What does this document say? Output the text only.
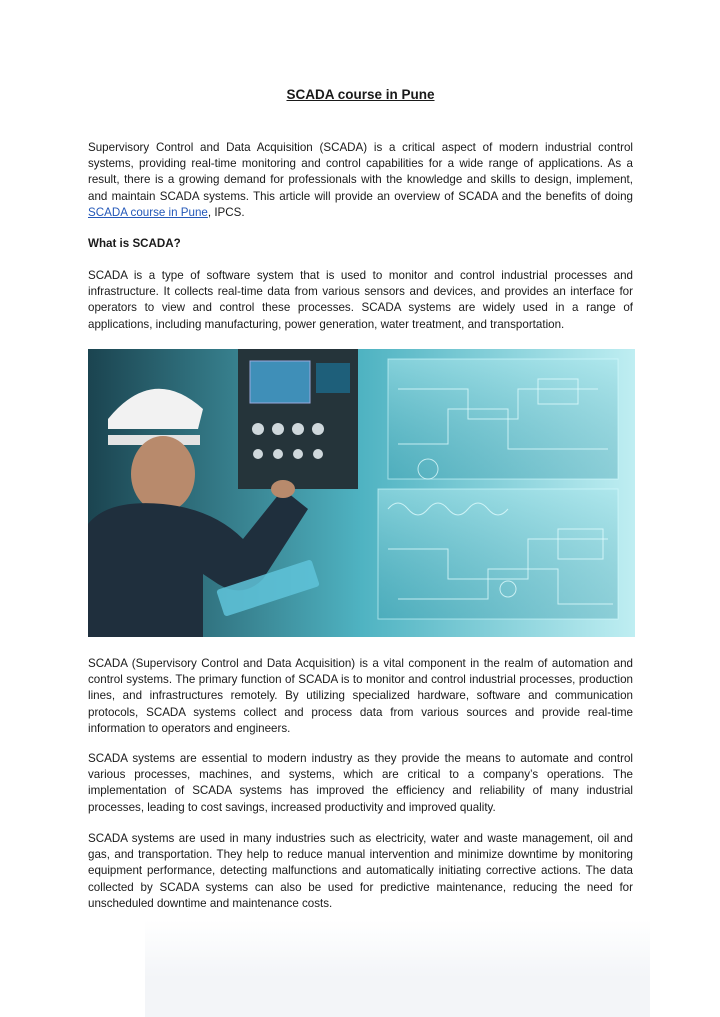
SCADA course in Pune

Supervisory Control and Data Acquisition (SCADA) is a critical aspect of modern industrial control systems, providing real-time monitoring and control capabilities for a wide range of applications. As a result, there is a growing demand for professionals with the knowledge and skills to design, implement, and maintain SCADA systems. This article will provide an overview of SCADA and the benefits of doing SCADA course in Pune, IPCS.

What is SCADA?

SCADA is a type of software system that is used to monitor and control industrial processes and infrastructure. It collects real-time data from various sensors and devices, and provides an interface for operators to view and control these processes. SCADA systems are widely used in a range of applications, including manufacturing, power generation, water treatment, and transportation.

SCADA (Supervisory Control and Data Acquisition) is a vital component in the realm of automation and control systems. The primary function of SCADA is to monitor and control industrial processes, production lines, and infrastructures remotely. By utilizing specialized hardware, software and communication protocols, SCADA systems collect and process data from various sources and provide real-time information to operators and engineers.

SCADA systems are essential to modern industry as they provide the means to automate and control various processes, machines, and systems, which are critical to a company’s operations. The implementation of SCADA systems has improved the efficiency and reliability of many industrial processes, leading to cost savings, increased productivity and improved quality.

SCADA systems are used in many industries such as electricity, water and waste management, oil and gas, and transportation. They help to reduce manual intervention and minimize downtime by monitoring equipment performance, detecting malfunctions and automatically initiating corrective actions. The data collected by SCADA systems can also be used for predictive maintenance, reducing the need for unscheduled downtime and maintenance costs.
